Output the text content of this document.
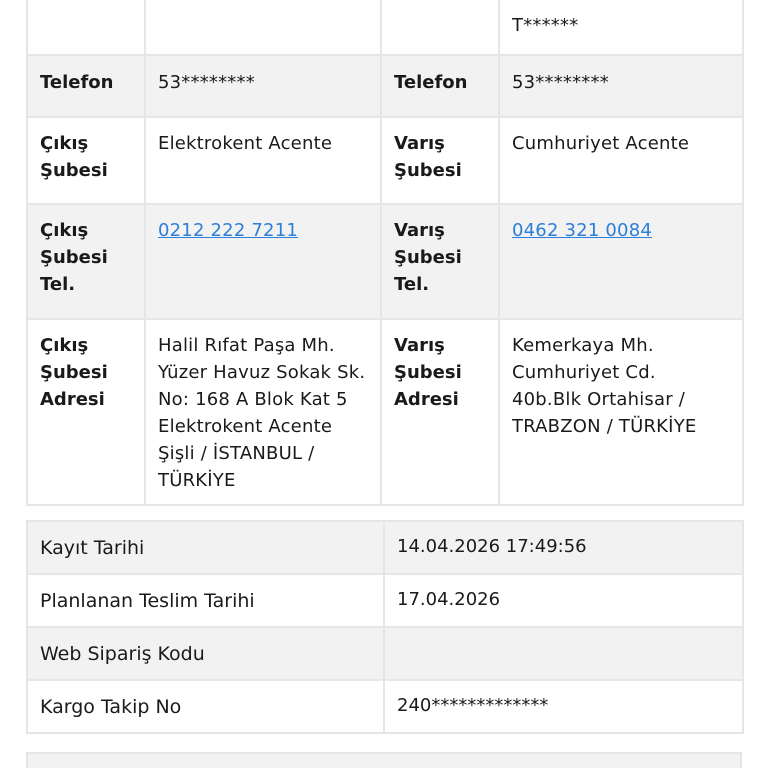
			T******
Telefon	53********	Telefon	53********
Çıkış Şubesi	Elektrokent Acente	Varış Şubesi	Cumhuriyet Acente
Çıkış Şubesi Tel.	0212 222 7211	Varış Şubesi Tel.	0462 321 0084
Çıkış Şubesi Adresi	Halil Rıfat Paşa Mh. Yüzer Havuz Sokak Sk. No: 168 A Blok Kat 5 Elektrokent Acente Şişli / İSTANBUL / TÜRKİYE	Varış Şubesi Adresi	Kemerkaya Mh. Cumhuriyet Cd. 40b.Blk Ortahisar / TRABZON / TÜRKİYE
Kayıt Tarihi	14.04.2026 17:49:56
Planlanan Teslim Tarihi	17.04.2026
Web Sipariş Kodu	
Kargo Takip No	240*************
